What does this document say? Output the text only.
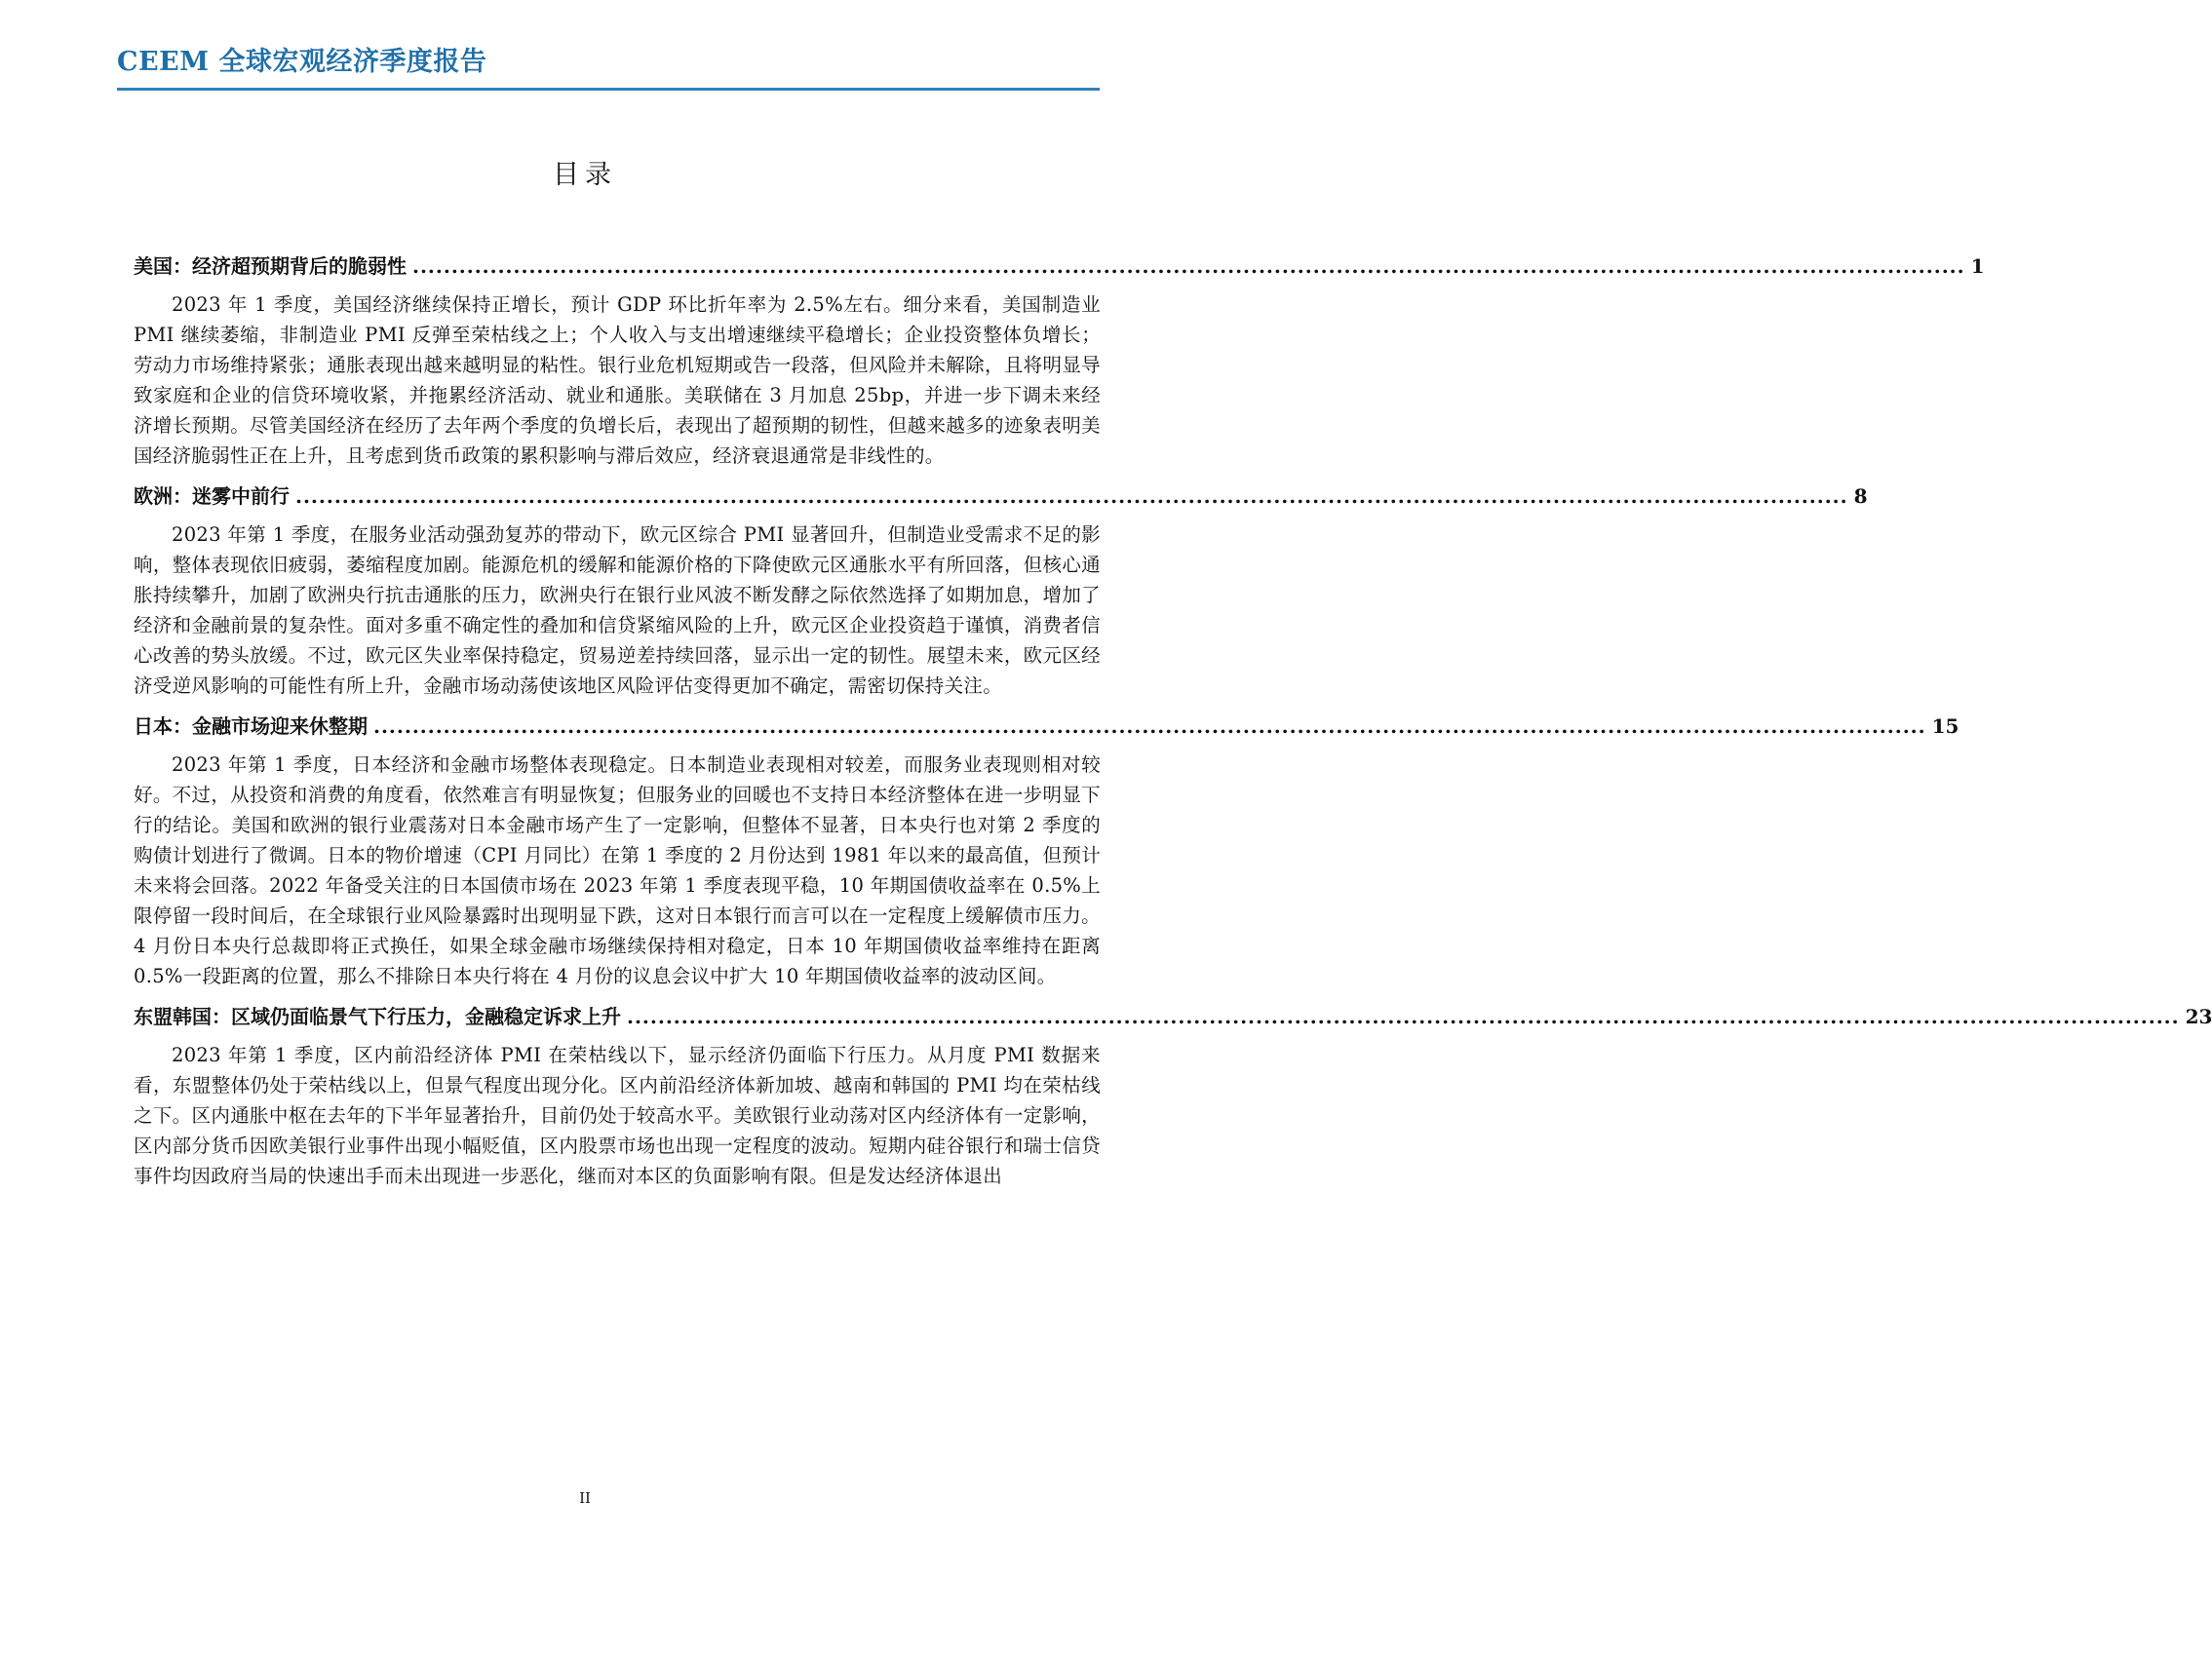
CEEM 全球宏观经济季度报告
目录
美国：经济超预期背后的脆弱性 ........................................................................................................................................................................................................ 1
2023 年 1 季度，美国经济继续保持正增长，预计 GDP 环比折年率为 2.5%左右。细分来看，美国制造业 PMI 继续萎缩，非制造业 PMI 反弹至荣枯线之上；个人收入与支出增速继续平稳增长；企业投资整体负增长；劳动力市场维持紧张；通胀表现出越来越明显的粘性。银行业危机短期或告一段落，但风险并未解除，且将明显导致家庭和企业的信贷环境收紧，并拖累经济活动、就业和通胀。美联储在 3 月加息 25bp，并进一步下调未来经济增长预期。尽管美国经济在经历了去年两个季度的负增长后，表现出了超预期的韧性，但越来越多的迹象表明美国经济脆弱性正在上升，且考虑到货币政策的累积影响与滞后效应，经济衰退通常是非线性的。
欧洲：迷雾中前行 ........................................................................................................................................................................................................ 8
2023 年第 1 季度，在服务业活动强劲复苏的带动下，欧元区综合 PMI 显著回升，但制造业受需求不足的影响，整体表现依旧疲弱，萎缩程度加剧。能源危机的缓解和能源价格的下降使欧元区通胀水平有所回落，但核心通胀持续攀升，加剧了欧洲央行抗击通胀的压力，欧洲央行在银行业风波不断发酵之际依然选择了如期加息，增加了经济和金融前景的复杂性。面对多重不确定性的叠加和信贷紧缩风险的上升，欧元区企业投资趋于谨慎，消费者信心改善的势头放缓。不过，欧元区失业率保持稳定，贸易逆差持续回落，显示出一定的韧性。展望未来，欧元区经济受逆风影响的可能性有所上升，金融市场动荡使该地区风险评估变得更加不确定，需密切保持关注。
日本：金融市场迎来休整期 ........................................................................................................................................................................................................ 15
2023 年第 1 季度，日本经济和金融市场整体表现稳定。日本制造业表现相对较差，而服务业表现则相对较好。不过，从投资和消费的角度看，依然难言有明显恢复；但服务业的回暖也不支持日本经济整体在进一步明显下行的结论。美国和欧洲的银行业震荡对日本金融市场产生了一定影响，但整体不显著，日本央行也对第 2 季度的购债计划进行了微调。日本的物价增速（CPI 月同比）在第 1 季度的 2 月份达到 1981 年以来的最高值，但预计未来将会回落。2022 年备受关注的日本国债市场在 2023 年第 1 季度表现平稳，10 年期国债收益率在 0.5%上限停留一段时间后，在全球银行业风险暴露时出现明显下跌，这对日本银行而言可以在一定程度上缓解债市压力。4 月份日本央行总裁即将正式换任，如果全球金融市场继续保持相对稳定，日本 10 年期国债收益率维持在距离 0.5%一段距离的位置，那么不排除日本央行将在 4 月份的议息会议中扩大 10 年期国债收益率的波动区间。
东盟韩国：区域仍面临景气下行压力，金融稳定诉求上升 ........................................................................................................................................................................................................ 23
2023 年第 1 季度，区内前沿经济体 PMI 在荣枯线以下，显示经济仍面临下行压力。从月度 PMI 数据来看，东盟整体仍处于荣枯线以上，但景气程度出现分化。区内前沿经济体新加坡、越南和韩国的 PMI 均在荣枯线之下。区内通胀中枢在去年的下半年显著抬升，目前仍处于较高水平。美欧银行业动荡对区内经济体有一定影响，区内部分货币因欧美银行业事件出现小幅贬值，区内股票市场也出现一定程度的波动。短期内硅谷银行和瑞士信贷事件均因政府当局的快速出手而未出现进一步恶化，继而对本区的负面影响有限。但是发达经济体退出
II
